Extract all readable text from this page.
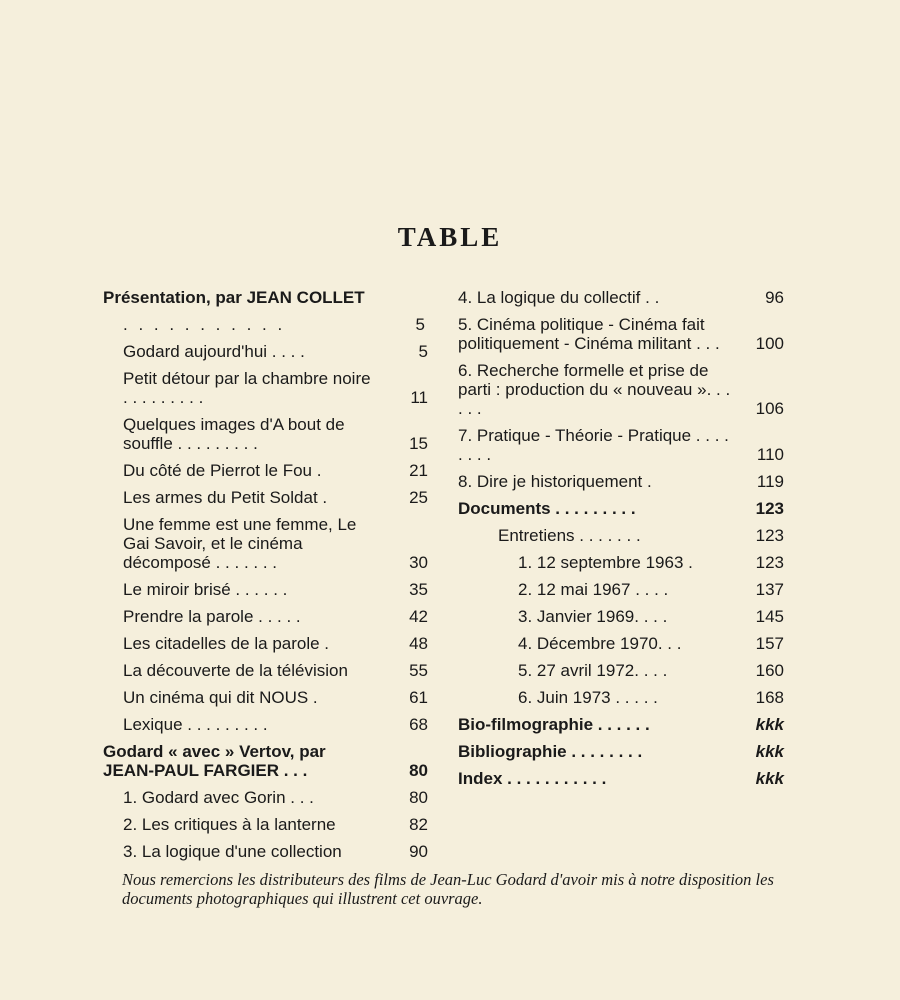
TABLE
Présentation, par JEAN COLLET
. . . . . . . . . . .	5
Godard aujourd'hui . . . .	5
Petit détour par la chambre noire . . . . . . . . .	11
Quelques images d'A bout de souffle . . . . . . . . .	15
Du côté de Pierrot le Fou .	21
Les armes du Petit Soldat .	25
Une femme est une femme, Le Gai Savoir, et le cinéma décomposé . . . . . . .	30
Le miroir brisé . . . . . .	35
Prendre la parole . . . . .	42
Les citadelles de la parole .	48
La découverte de la télévision	55
Un cinéma qui dit NOUS .	61
Lexique . . . . . . . . .	68
Godard « avec » Vertov, par JEAN-PAUL FARGIER . . .	80
1. Godard avec Gorin . . .	80
2. Les critiques à la lanterne	82
3. La logique d'une collection	90
4. La logique du collectif . .	96
5. Cinéma politique - Cinéma fait politiquement - Cinéma militant . . .	100
6. Recherche formelle et prise de parti : production du « nouveau ». . . . . .	106
7. Pratique - Théorie - Pratique . . . . . . . .	110
8. Dire je historiquement .	119
Documents . . . . . . . . .	123
Entretiens . . . . . . .	123
1. 12 septembre 1963 .	123
2. 12 mai 1967 . . . .	137
3. Janvier 1969. . . .	145
4. Décembre 1970. . .	157
5. 27 avril 1972. . . .	160
6. Juin 1973 . . . . .	168
Bio-filmographie . . . . . .	kkk
Bibliographie . . . . . . . .	kkk
Index . . . . . . . . . . .	kkk
Nous remercions les distributeurs des films de Jean-Luc Godard d'avoir mis à notre disposition les documents photographiques qui illustrent cet ouvrage.
